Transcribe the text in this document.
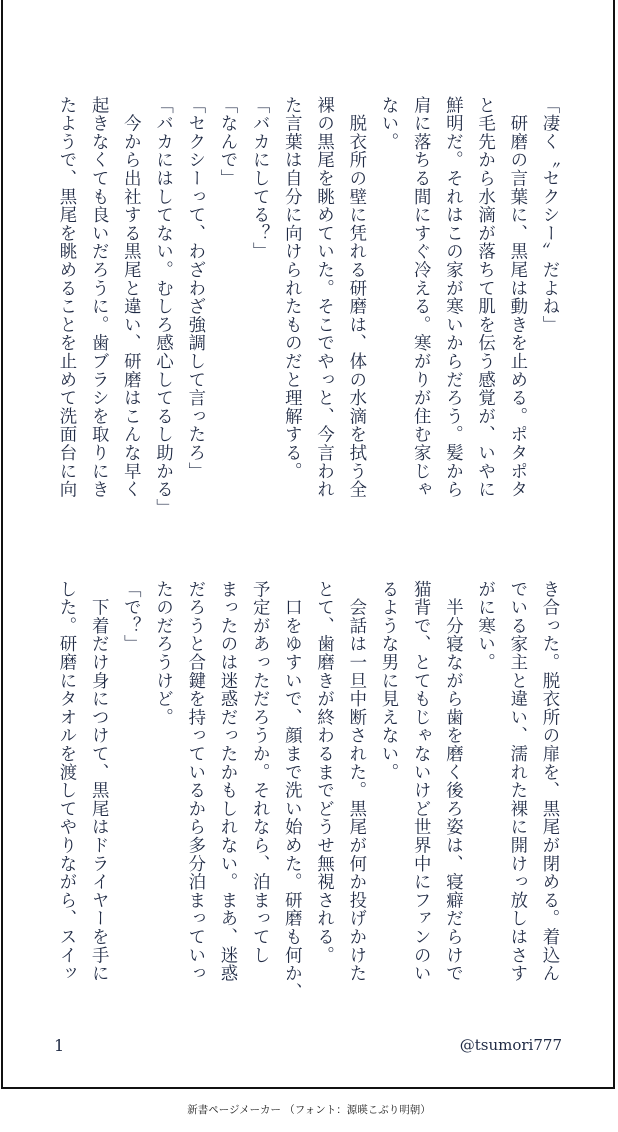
「凄く〝セクシー〟だよね」
　研磨の言葉に、黒尾は動きを止める。ポタポタ
と毛先から水滴が落ちて肌を伝う感覚が、いやに
鮮明だ。それはこの家が寒いからだろう。髪から
肩に落ちる間にすぐ冷える。寒がりが住む家じゃ
ない。
　脱衣所の壁に凭れる研磨は、体の水滴を拭う全
裸の黒尾を眺めていた。そこでやっと、今言われ
た言葉は自分に向けられたものだと理解する。
「バカにしてる？」
「なんで」
「セクシーって、わざわざ強調して言ったろ」
「バカにはしてない。むしろ感心してるし助かる」
　今から出社する黒尾と違い、研磨はこんな早く
起きなくても良いだろうに。歯ブラシを取りにき
たようで、黒尾を眺めることを止めて洗面台に向
き合った。脱衣所の扉を、黒尾が閉める。着込ん
でいる家主と違い、濡れた裸に開けっ放しはさす
がに寒い。
　半分寝ながら歯を磨く後ろ姿は、寝癖だらけで
猫背で、とてもじゃないけど世界中にファンのい
るような男に見えない。
　会話は一旦中断された。黒尾が何か投げかけた
とて、歯磨きが終わるまでどうせ無視される。
　口をゆすいで、顔まで洗い始めた。研磨も何か、
予定があっただろうか。それなら、泊まってし
まったのは迷惑だったかもしれない。まあ、迷惑
だろうと合鍵を持っているから多分泊まっていっ
たのだろうけど。
「で？」
　下着だけ身につけて、黒尾はドライヤーを手に
した。研磨にタオルを渡してやりながら、スイッ
1	@tsumori777
新書ページメーカー （フォント：源暎こぶり明朝）
